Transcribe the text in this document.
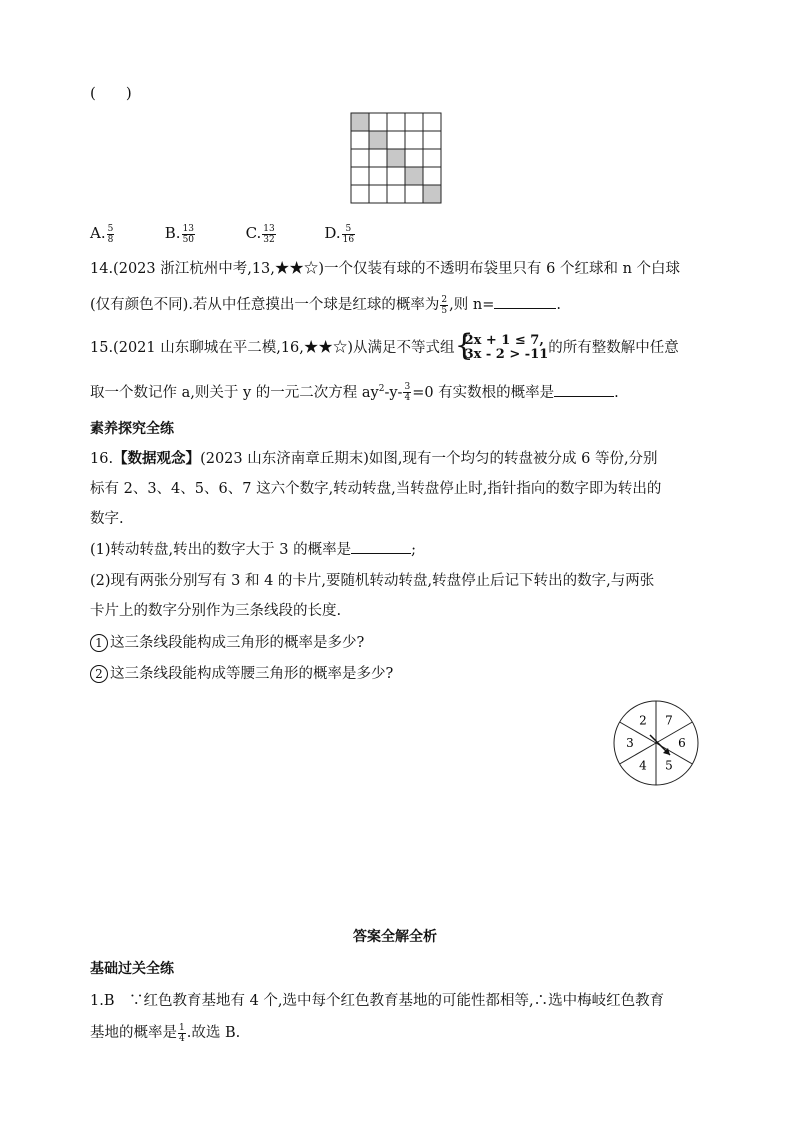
(　　)
A. $\frac{5}{8}$	B. $\frac{13}{50}$	C. $\frac{13}{32}$	D. $\frac{5}{16}$
14.(2023 浙江杭州中考,13,★★☆)一个仅装有球的不透明布袋里只有 6 个红球和 n 个白球
(仅有颜色不同).若从中任意摸出一个球是红球的概率为 $\frac{2}{5}$ ,则 n=	.
15.(2021 山东聊城在平二模,16,★★☆)从满足不等式组 {
2x + 1 ≤ 7,
3x - 2 > -11 的所有整数解中任意
取一个数记作 a,则关于 y 的一元二次方程 $ay^2-y- \frac{3}{4} =0$ 有实数根的概率是	.
素养探究全练
16.【数据观念】(2023 山东济南章丘期末)如图,现有一个均匀的转盘被分成 6 等份,分别
标有 2、3、4、5、6、7 这六个数字,转动转盘,当转盘停止时,指针指向的数字即为转出的
数字.
(1)转动转盘,转出的数字大于 3 的概率是	;
(2)现有两张分别写有 3 和 4 的卡片,要随机转动转盘,转盘停止后记下转出的数字,与两张
卡片上的数字分别作为三条线段的长度.
1 这三条线段能构成三角形的概率是多少?
2 这三条线段能构成等腰三角形的概率是多少?
2 7
6
5
4
3
答案全解全析
基础过关全练
1.B　∵红色教育基地有 4 个,选中每个红色教育基地的可能性都相等,∴选中梅岐红色教育
基地的概率是 $\frac{1}{4}$ .故选 B.
